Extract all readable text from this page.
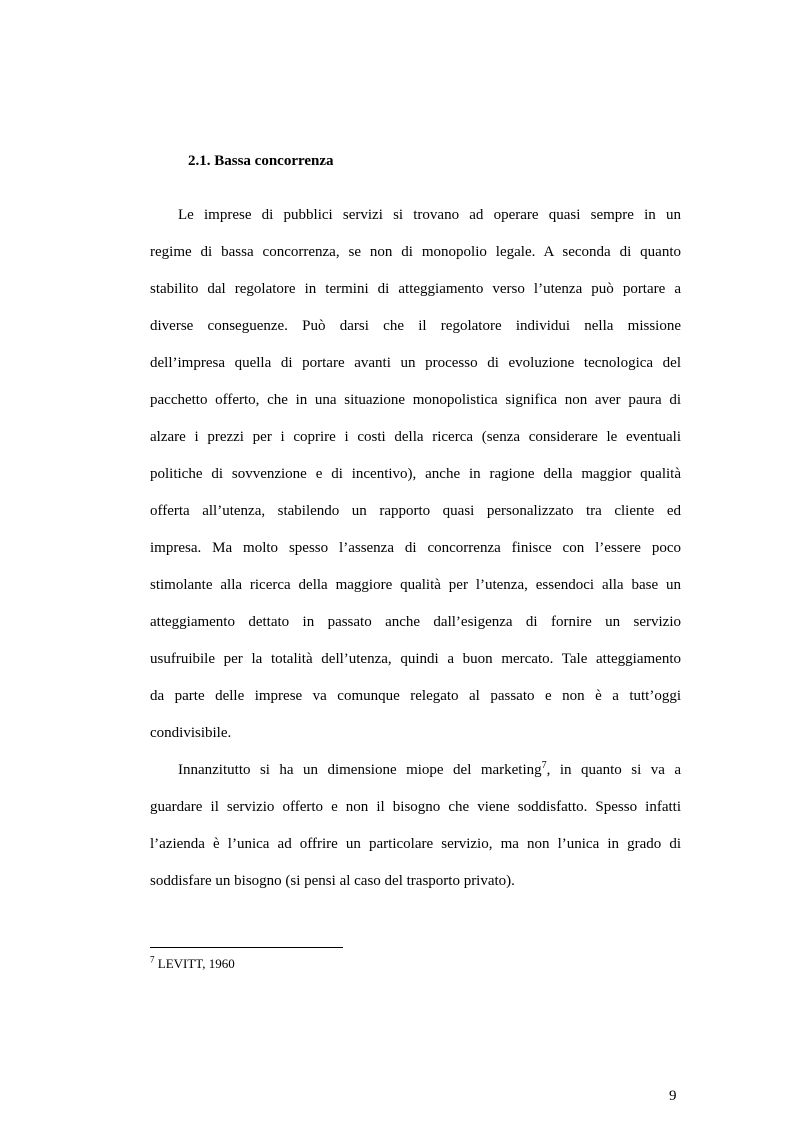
2.1. Bassa concorrenza
Le imprese di pubblici servizi si trovano ad operare quasi sempre in un
regime di bassa concorrenza, se non di monopolio legale. A seconda di quanto
stabilito dal regolatore in termini di atteggiamento verso l’utenza può portare a
diverse conseguenze. Può darsi che il regolatore individui nella missione
dell’impresa quella di portare avanti un processo di evoluzione tecnologica del
pacchetto offerto, che in una situazione monopolistica significa non aver paura di
alzare i prezzi per i coprire i costi della ricerca (senza considerare le eventuali
politiche di sovvenzione e di incentivo), anche in ragione della maggior qualità
offerta all’utenza, stabilendo un rapporto quasi personalizzato tra cliente ed
impresa. Ma molto spesso l’assenza di concorrenza finisce con l’essere poco
stimolante alla ricerca della maggiore qualità per l’utenza, essendoci alla base un
atteggiamento dettato in passato anche dall’esigenza di fornire un servizio
usufruibile per la totalità dell’utenza, quindi a buon mercato. Tale atteggiamento
da parte delle imprese va comunque relegato al passato e non è a tutt’oggi
condivisibile.
Innanzitutto si ha un dimensione miope del marketing$^7$, in quanto si va a
guardare il servizio offerto e non il bisogno che viene soddisfatto. Spesso infatti
l’azienda è l’unica ad offrire un particolare servizio, ma non l’unica in grado di
soddisfare un bisogno (si pensi al caso del trasporto privato).
$^7$ LEVITT, 1960
9
